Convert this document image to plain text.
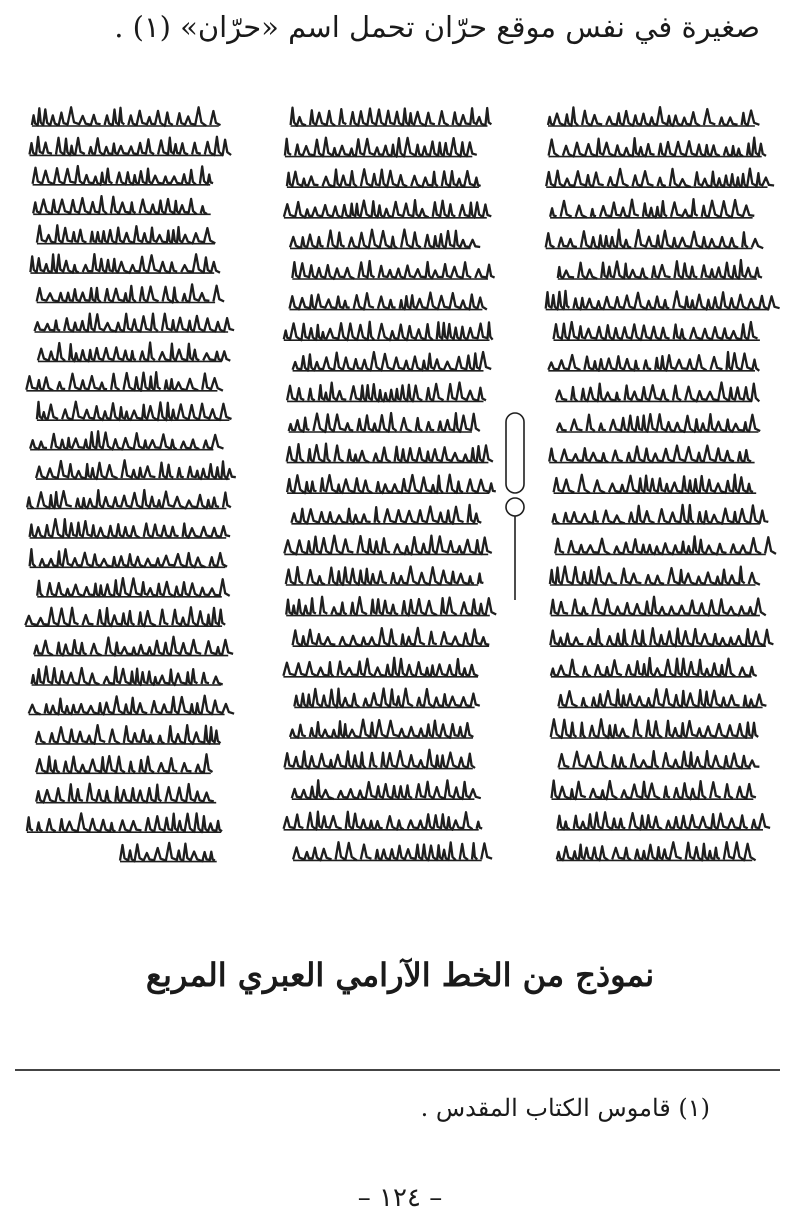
صغيرة في نفس موقع حرّان تحمل اسم «حرّان» (١) .
نموذج من الخط الآرامي العبري المربع
(١) قاموس الكتاب المقدس .
– ١٢٤ –
